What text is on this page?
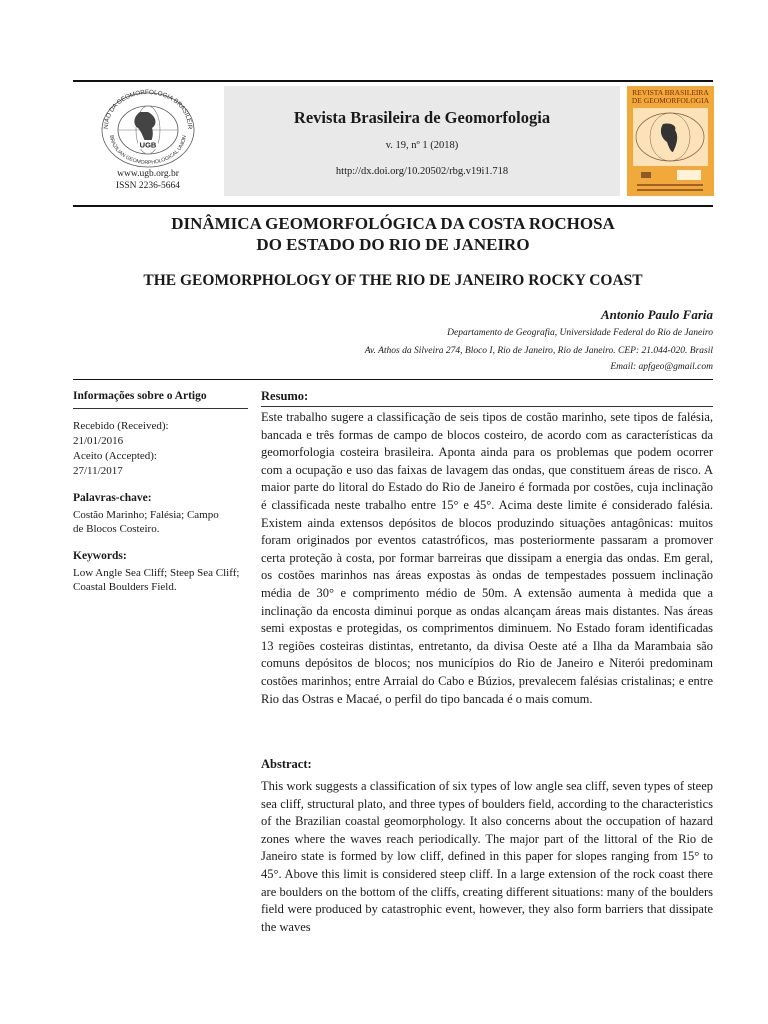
NIÃO DA GEOMORFOLOGIA BRASILEIR
BRAZILIAN GEOMORPHOLOGICAL UNION
UGB
www.ugb.org.br
ISSN 2236-5664
Revista Brasileira de Geomorfologia
v. 19, nº 1 (2018)
http://dx.doi.org/10.20502/rbg.v19i1.718
REVISTA BRASILEIRA DE GEOMORFOLOGIA
DINÂMICA GEOMORFOLÓGICA DA COSTA ROCHOSA
DO ESTADO DO RIO DE JANEIRO
THE GEOMORPHOLOGY OF THE RIO DE JANEIRO ROCKY COAST
Antonio Paulo Faria
Departamento de Geografia, Universidade Federal do Rio de Janeiro
Av. Athos da Silveira 274, Bloco I, Rio de Janeiro, Rio de Janeiro. CEP: 21.044-020. Brasil
Email: apfgeo@gmail.com
Informações sobre o Artigo
Recebido (Received):
21/01/2016
Aceito (Accepted):
27/11/2017
Palavras-chave:
Costão Marinho; Falésia; Campo de Blocos Costeiro.
Keywords:
Low Angle Sea Cliff; Steep Sea Cliff; Coastal Boulders Field.
Resumo:

Este trabalho sugere a classificação de seis tipos de costão marinho, sete tipos de falésia, bancada e três formas de campo de blocos costeiro, de acordo com as características da geomorfologia costeira brasileira. Aponta ainda para os problemas que podem ocorrer com a ocupação e uso das faixas de lavagem das ondas, que constituem áreas de risco. A maior parte do litoral do Estado do Rio de Janeiro é formada por costões, cuja inclinação é classificada neste trabalho entre 15° e 45°. Acima deste limite é considerado falésia. Existem ainda extensos depósitos de blocos produzindo situações antagônicas: muitos foram originados por eventos catastróficos, mas posteriormente passaram a promover certa proteção à costa, por formar barreiras que dissipam a energia das ondas. Em geral, os costões marinhos nas áreas expostas às ondas de tempestades possuem inclinação média de 30° e comprimento médio de 50m. A extensão aumenta à medida que a inclinação da encosta diminui porque as ondas alcançam áreas mais distantes. Nas áreas semi expostas e protegidas, os comprimentos diminuem. No Estado foram identificadas 13 regiões costeiras distintas, entretanto, da divisa Oeste até a Ilha da Marambaia são comuns depósitos de blocos; nos municípios do Rio de Janeiro e Niterói predominam costões marinhos; entre Arraial do Cabo e Búzios, prevalecem falésias cristalinas; e entre Rio das Ostras e Macaé, o perfil do tipo bancada é o mais comum.

Abstract:

This work suggests a classification of six types of low angle sea cliff, seven types of steep sea cliff, structural plato, and three types of boulders field, according to the characteristics of the Brazilian coastal geomorphology. It also concerns about the occupation of hazard zones where the waves reach periodically. The major part of the littoral of the Rio de Janeiro state is formed by low cliff, defined in this paper for slopes ranging from 15° to 45°. Above this limit is considered steep cliff. In a large extension of the rock coast there are boulders on the bottom of the cliffs, creating different situations: many of the boulders field were produced by catastrophic event, however, they also form barriers that dissipate the waves
